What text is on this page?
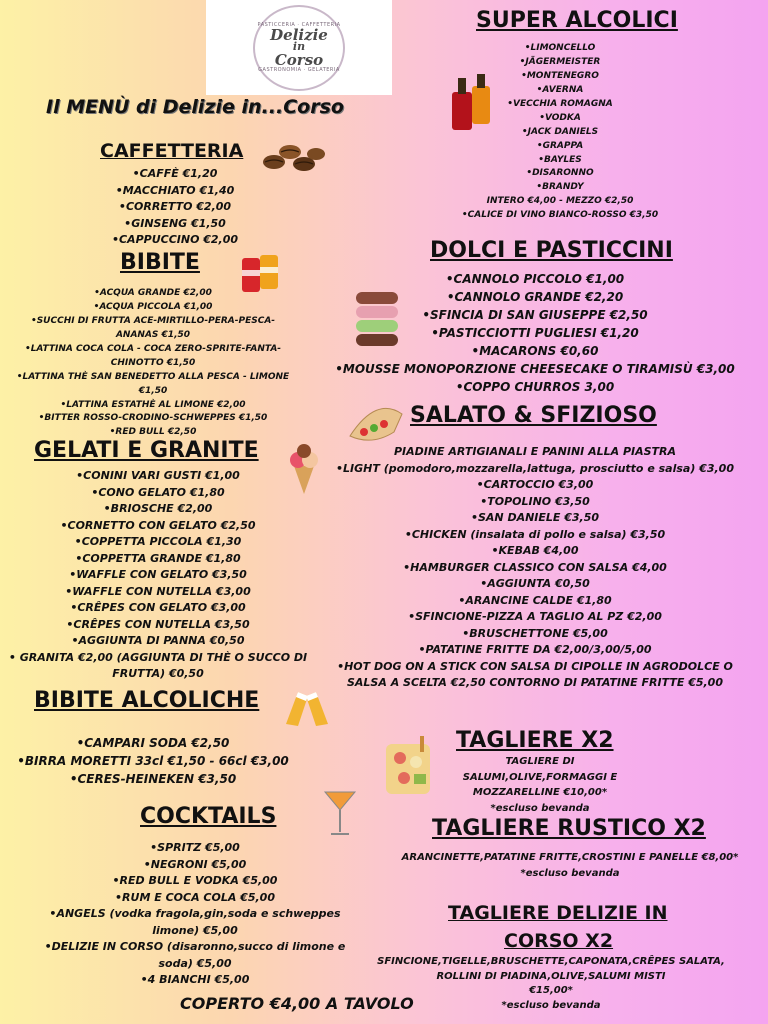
PASTICCERIA · CAFFETTERIA
Delizie
in
Corso
GASTRONOMIA · GELATERIA
Il MENÙ di Delizie in...Corso
CAFFETTERIA
•CAFFÈ €1,20
•MACCHIATO €1,40
•CORRETTO €2,00
•GINSENG €1,50
•CAPPUCCINO €2,00
BIBITE
•ACQUA GRANDE €2,00
•ACQUA PICCOLA €1,00
•SUCCHI DI FRUTTA ACE-MIRTILLO-PERA-PESCA-ANANAS €1,50
•LATTINA COCA COLA - COCA ZERO-SPRITE-FANTA-CHINOTTO €1,50
•LATTINA THÈ SAN BENEDETTO ALLA PESCA - LIMONE €1,50
•LATTINA ESTATHÈ AL LIMONE €2,00
•BITTER ROSSO-CRODINO-SCHWEPPES €1,50
•RED BULL €2,50
GELATI E GRANITE
•CONINI VARI GUSTI €1,00
•CONO GELATO €1,80
•BRIOSCHE €2,00
•CORNETTO CON GELATO €2,50
•COPPETTA PICCOLA €1,30
•COPPETTA GRANDE €1,80
•WAFFLE CON GELATO €3,50
•WAFFLE CON NUTELLA €3,00
•CRÊPES CON GELATO €3,00
•CRÊPES CON NUTELLA €3,50
•AGGIUNTA DI PANNA €0,50
• GRANITA €2,00 (AGGIUNTA DI THÈ O SUCCO DI FRUTTA) €0,50
BIBITE ALCOLICHE
•CAMPARI SODA €2,50
•BIRRA MORETTI 33cl €1,50 - 66cl €3,00
•CERES-HEINEKEN €3,50
COCKTAILS
•SPRITZ €5,00
•NEGRONI €5,00
•RED BULL E VODKA €5,00
•RUM E COCA COLA €5,00
•ANGELS (vodka fragola,gin,soda e schweppes limone) €5,00
•DELIZIE IN CORSO (disaronno,succo di limone e soda) €5,00
•4 BIANCHI €5,00
SUPER ALCOLICI
•LIMONCELLO
•JÄGERMEISTER
•MONTENEGRO
•AVERNA
•VECCHIA ROMAGNA
•VODKA
•JACK DANIELS
•GRAPPA
•BAYLES
•DISARONNO
•BRANDY
INTERO €4,00 - MEZZO €2,50
•CALICE DI VINO BIANCO-ROSSO €3,50
DOLCI E PASTICCINI
•CANNOLO PICCOLO €1,00
•CANNOLO GRANDE €2,20
•SFINCIA DI SAN GIUSEPPE €2,50
•PASTICCIOTTI PUGLIESI €1,20
•MACARONS €0,60
•MOUSSE MONOPORZIONE CHEESECAKE O TIRAMISÙ €3,00
•COPPO CHURROS 3,00
SALATO & SFIZIOSO
PIADINE ARTIGIANALI E PANINI ALLA PIASTRA
•LIGHT (pomodoro,mozzarella,lattuga, prosciutto e salsa) €3,00
•CARTOCCIO €3,00
•TOPOLINO €3,50
•SAN DANIELE €3,50
•CHICKEN (insalata di pollo e salsa) €3,50
•KEBAB €4,00
•HAMBURGER CLASSICO CON SALSA €4,00
•AGGIUNTA €0,50
•ARANCINE CALDE €1,80
•SFINCIONE-PIZZA A TAGLIO AL PZ €2,00
•BRUSCHETTONE €5,00
•PATATINE FRITTE DA €2,00/3,00/5,00
•HOT DOG ON A STICK CON SALSA DI CIPOLLE IN AGRODOLCE O SALSA A SCELTA €2,50 CONTORNO DI PATATINE FRITTE €5,00
TAGLIERE X2
TAGLIERE DI
SALUMI,OLIVE,FORMAGGI E
MOZZARELLINE €10,00*
*escluso bevanda
TAGLIERE RUSTICO X2
ARANCINETTE,PATATINE FRITTE,CROSTINI E PANELLE €8,00*
*escluso bevanda
TAGLIERE DELIZIE IN
CORSO X2
SFINCIONE,TIGELLE,BRUSCHETTE,CAPONATA,CRÊPES SALATA, ROLLINI DI PIADINA,OLIVE,SALUMI MISTI
€15,00*
*escluso bevanda
COPERTO €4,00 A TAVOLO
